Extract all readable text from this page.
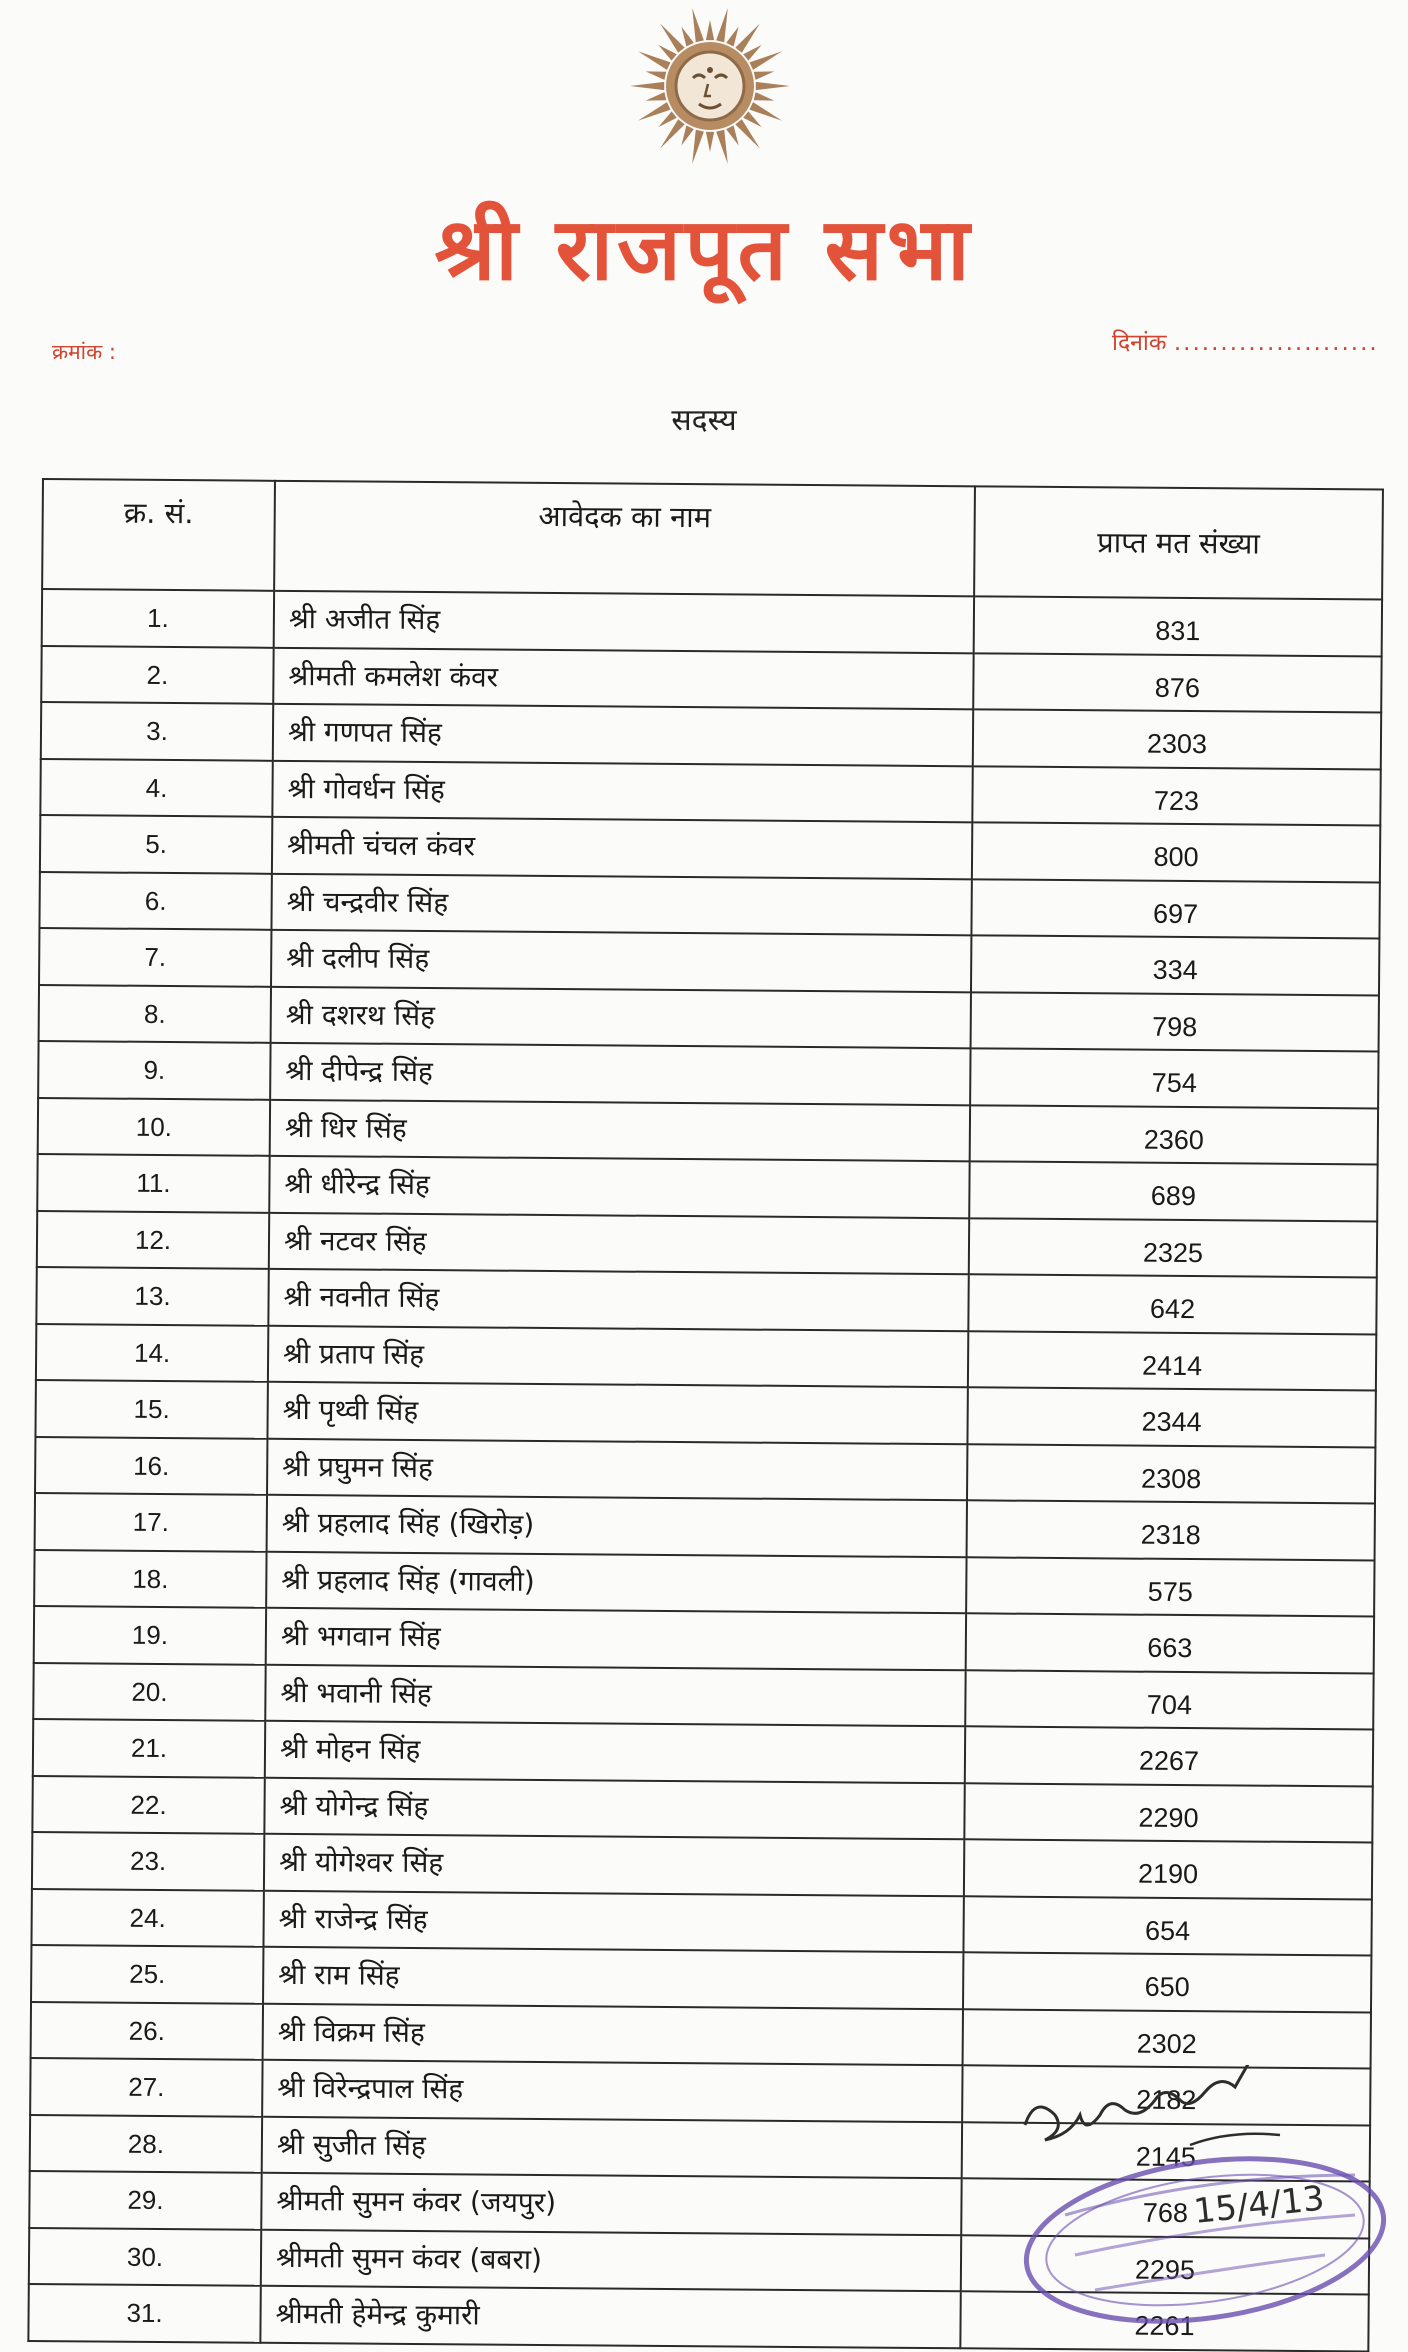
श्री राजपूत सभा
क्रमांक :	दिनांक ......................
सदस्य
क्र. सं.	आवेदक का नाम	प्राप्त मत संख्या
1.	श्री अजीत सिंह	831
2.	श्रीमती कमलेश कंवर	876
3.	श्री गणपत सिंह	2303
4.	श्री गोवर्धन सिंह	723
5.	श्रीमती चंचल कंवर	800
6.	श्री चन्द्रवीर सिंह	697
7.	श्री दलीप सिंह	334
8.	श्री दशरथ सिंह	798
9.	श्री दीपेन्द्र सिंह	754
10.	श्री धिर सिंह	2360
11.	श्री धीरेन्द्र सिंह	689
12.	श्री नटवर सिंह	2325
13.	श्री नवनीत सिंह	642
14.	श्री प्रताप सिंह	2414
15.	श्री पृथ्वी सिंह	2344
16.	श्री प्रघुमन सिंह	2308
17.	श्री प्रहलाद सिंह (खिरोड़)	2318
18.	श्री प्रहलाद सिंह (गावली)	575
19.	श्री भगवान सिंह	663
20.	श्री भवानी सिंह	704
21.	श्री मोहन सिंह	2267
22.	श्री योगेन्द्र सिंह	2290
23.	श्री योगेश्वर सिंह	2190
24.	श्री राजेन्द्र सिंह	654
25.	श्री राम सिंह	650
26.	श्री विक्रम सिंह	2302
27.	श्री विरेन्द्रपाल सिंह	2182
28.	श्री सुजीत सिंह	2145
29.	श्रीमती सुमन कंवर (जयपुर)	768
30.	श्रीमती सुमन कंवर (बबरा)	2295
31.	श्रीमती हेमेन्द्र कुमारी	2261
15/4/13
